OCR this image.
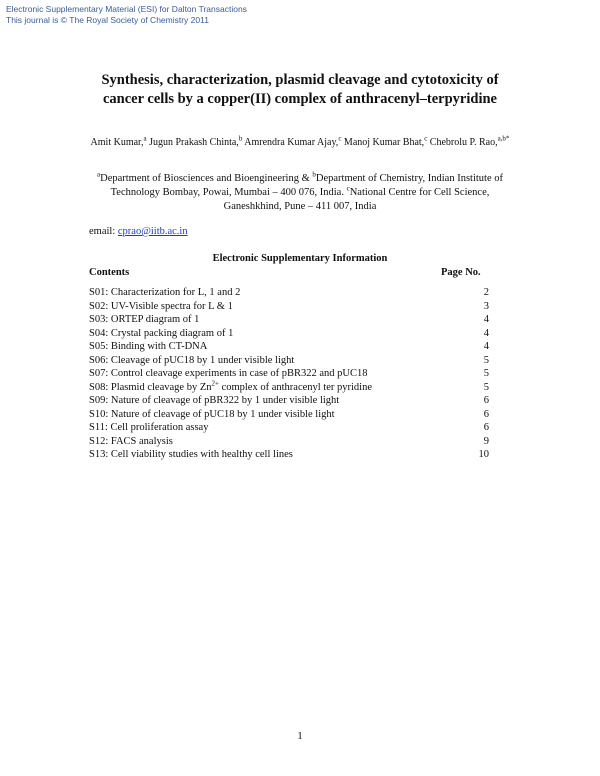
Electronic Supplementary Material (ESI) for Dalton Transactions
This journal is © The Royal Society of Chemistry 2011
Synthesis, characterization, plasmid cleavage and cytotoxicity of cancer cells by a copper(II) complex of anthracenyl–terpyridine
Amit Kumar,$^a$ Jugun Prakash Chinta,$^b$ Amrendra Kumar Ajay,$^c$ Manoj Kumar Bhat,$^c$ Chebrolu P. Rao,$^{a,b*}$
$^a$Department of Biosciences and Bioengineering & $^b$Department of Chemistry, Indian Institute of Technology Bombay, Powai, Mumbai – 400 076, India. $^c$National Centre for Cell Science, Ganeshkhind, Pune – 411 007, India
email: cprao@iitb.ac.in
Electronic Supplementary Information
Contents	Page No.
S01: Characterization for L, 1 and 2	2
S02: UV-Visible spectra for L & 1	3
S03: ORTEP diagram of 1	4
S04: Crystal packing diagram of 1	4
S05: Binding with CT-DNA	4
S06: Cleavage of pUC18 by 1 under visible light	5
S07: Control cleavage experiments in case of pBR322 and pUC18	5
S08: Plasmid cleavage by $Zn^{2+}$ complex of anthracenyl ter pyridine	5
S09: Nature of cleavage of pBR322 by 1 under visible light	6
S10: Nature of cleavage of pUC18 by 1 under visible light	6
S11: Cell proliferation assay	6
S12: FACS analysis	9
S13: Cell viability studies with healthy cell lines	10
1
